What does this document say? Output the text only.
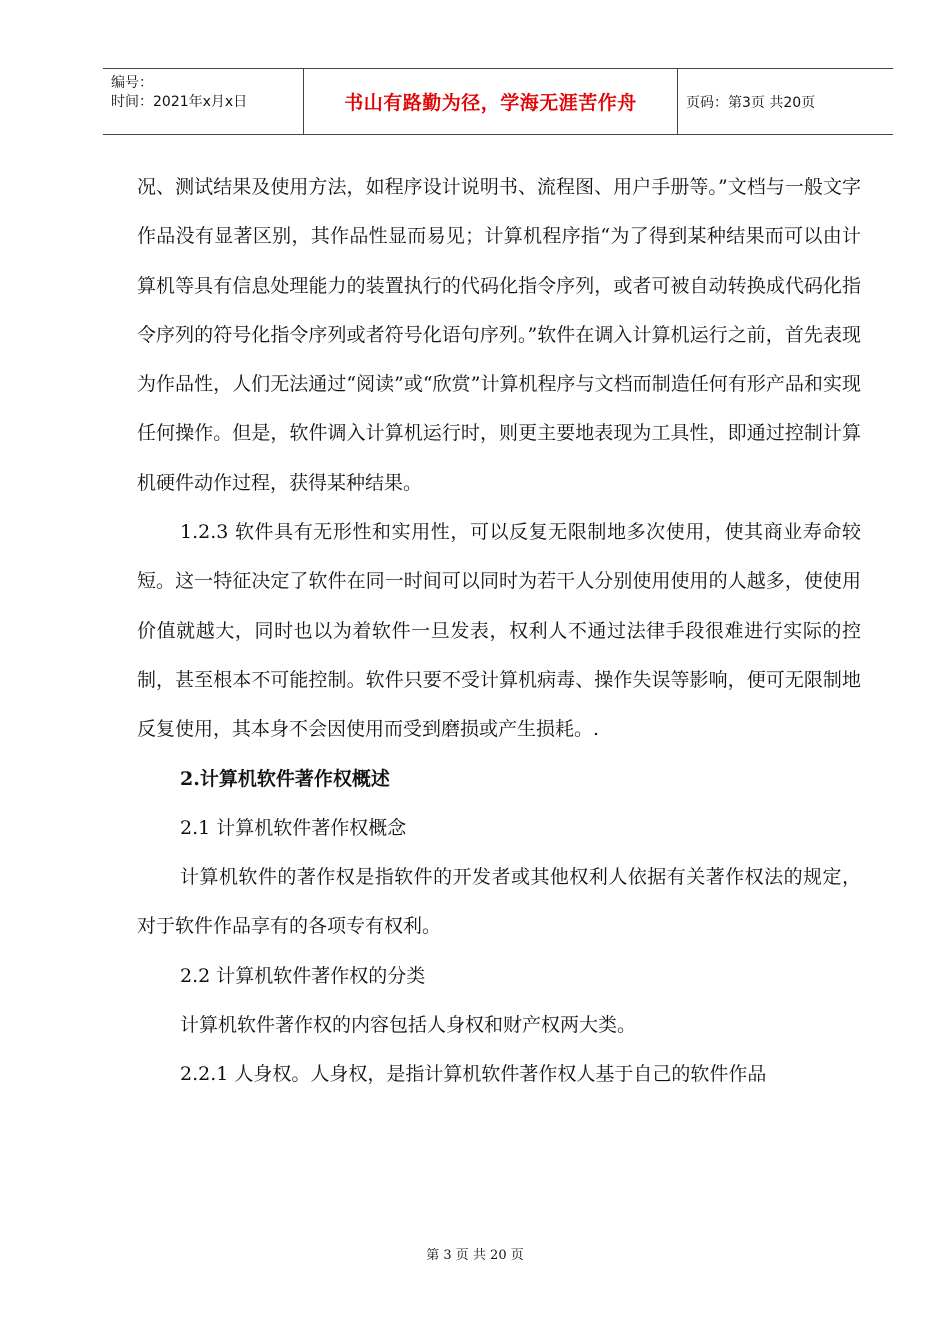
编号：
时间：2021年x月x日	书山有路勤为径，学海无涯苦作舟	页码：第3页 共20页

况、测试结果及使用方法，如程序设计说明书、流程图、用户手册等。”文档与一般文字作品没有显著区别，其作品性显而易见；计算机程序指“为了得到某种结果而可以由计算机等具有信息处理能力的装置执行的代码化指令序列，或者可被自动转换成代码化指令序列的符号化指令序列或者符号化语句序列。”软件在调入计算机运行之前，首先表现为作品性，人们无法通过“阅读”或“欣赏”计算机程序与文档而制造任何有形产品和实现任何操作。但是，软件调入计算机运行时，则更主要地表现为工具性，即通过控制计算机硬件动作过程，获得某种结果。

1.2.3 软件具有无形性和实用性，可以反复无限制地多次使用，使其商业寿命较短。这一特征决定了软件在同一时间可以同时为若干人分别使用使用的人越多，使使用价值就越大，同时也以为着软件一旦发表，权利人不通过法律手段很难进行实际的控制，甚至根本不可能控制。软件只要不受计算机病毒、操作失误等影响，便可无限制地反复使用，其本身不会因使用而受到磨损或产生损耗。.

2.计算机软件著作权概述

2.1 计算机软件著作权概念

计算机软件的著作权是指软件的开发者或其他权利人依据有关著作权法的规定，对于软件作品享有的各项专有权利。

2.2 计算机软件著作权的分类

计算机软件著作权的内容包括人身权和财产权两大类。

2.2.1 人身权。人身权，是指计算机软件著作权人基于自己的软件作品

第 3 页 共 20 页
